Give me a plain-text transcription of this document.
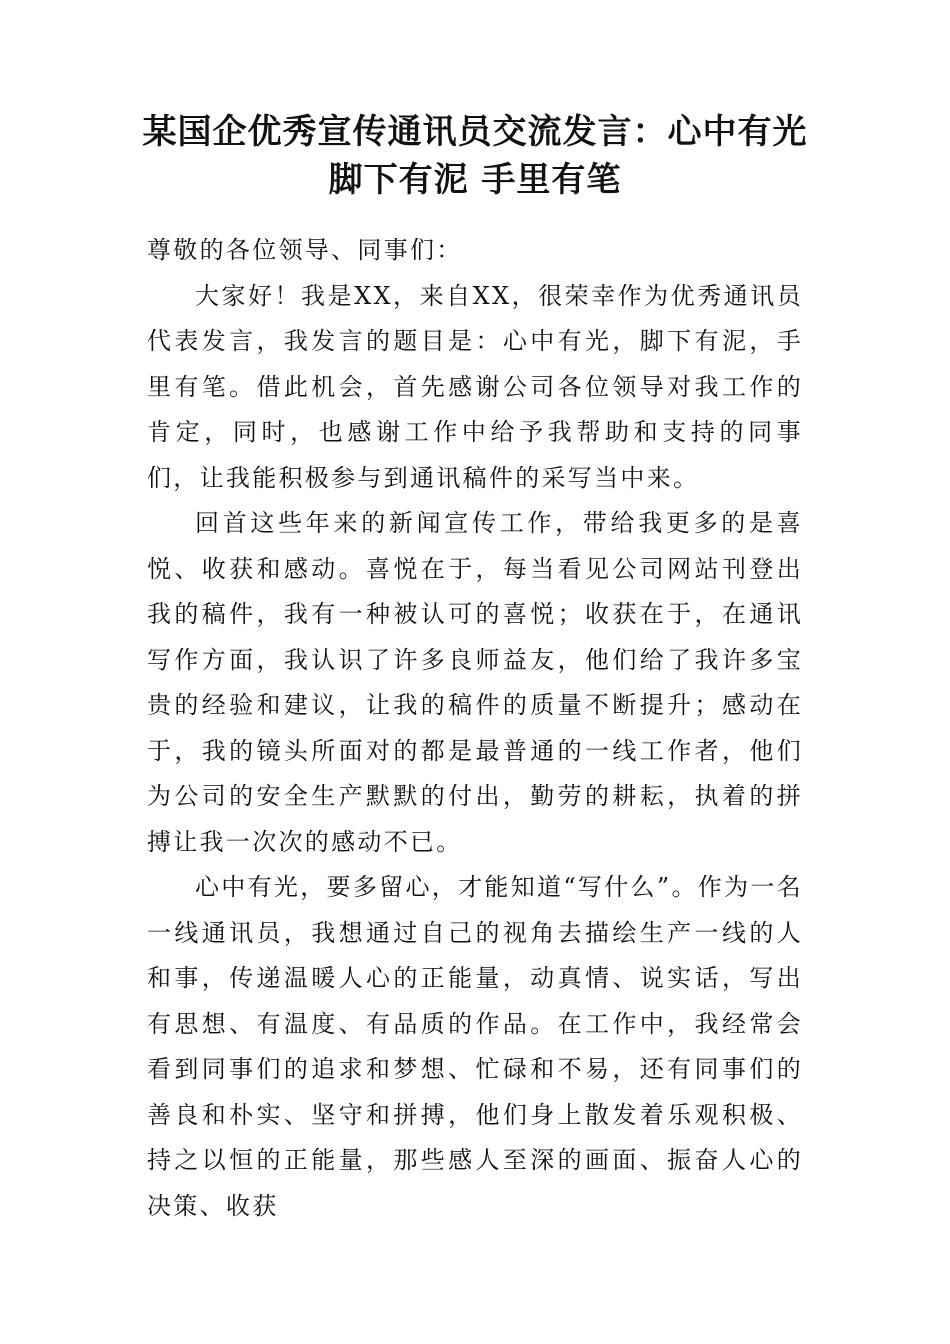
某国企优秀宣传通讯员交流发言：心中有光 脚下有泥 手里有笔

尊敬的各位领导、同事们：

大家好！我是XX，来自XX，很荣幸作为优秀通讯员代表发言，我发言的题目是：心中有光，脚下有泥，手里有笔。借此机会，首先感谢公司各位领导对我工作的肯定，同时，也感谢工作中给予我帮助和支持的同事们，让我能积极参与到通讯稿件的采写当中来。

回首这些年来的新闻宣传工作，带给我更多的是喜悦、收获和感动。喜悦在于，每当看见公司网站刊登出我的稿件，我有一种被认可的喜悦；收获在于，在通讯写作方面，我认识了许多良师益友，他们给了我许多宝贵的经验和建议，让我的稿件的质量不断提升；感动在于，我的镜头所面对的都是最普通的一线工作者，他们为公司的安全生产默默的付出，勤劳的耕耘，执着的拼搏让我一次次的感动不已。

心中有光，要多留心，才能知道“写什么”。作为一名一线通讯员，我想通过自己的视角去描绘生产一线的人和事，传递温暖人心的正能量，动真情、说实话，写出有思想、有温度、有品质的作品。在工作中，我经常会看到同事们的追求和梦想、忙碌和不易，还有同事们的善良和朴实、坚守和拼搏，他们身上散发着乐观积极、持之以恒的正能量，那些感人至深的画面、振奋人心的决策、收获
